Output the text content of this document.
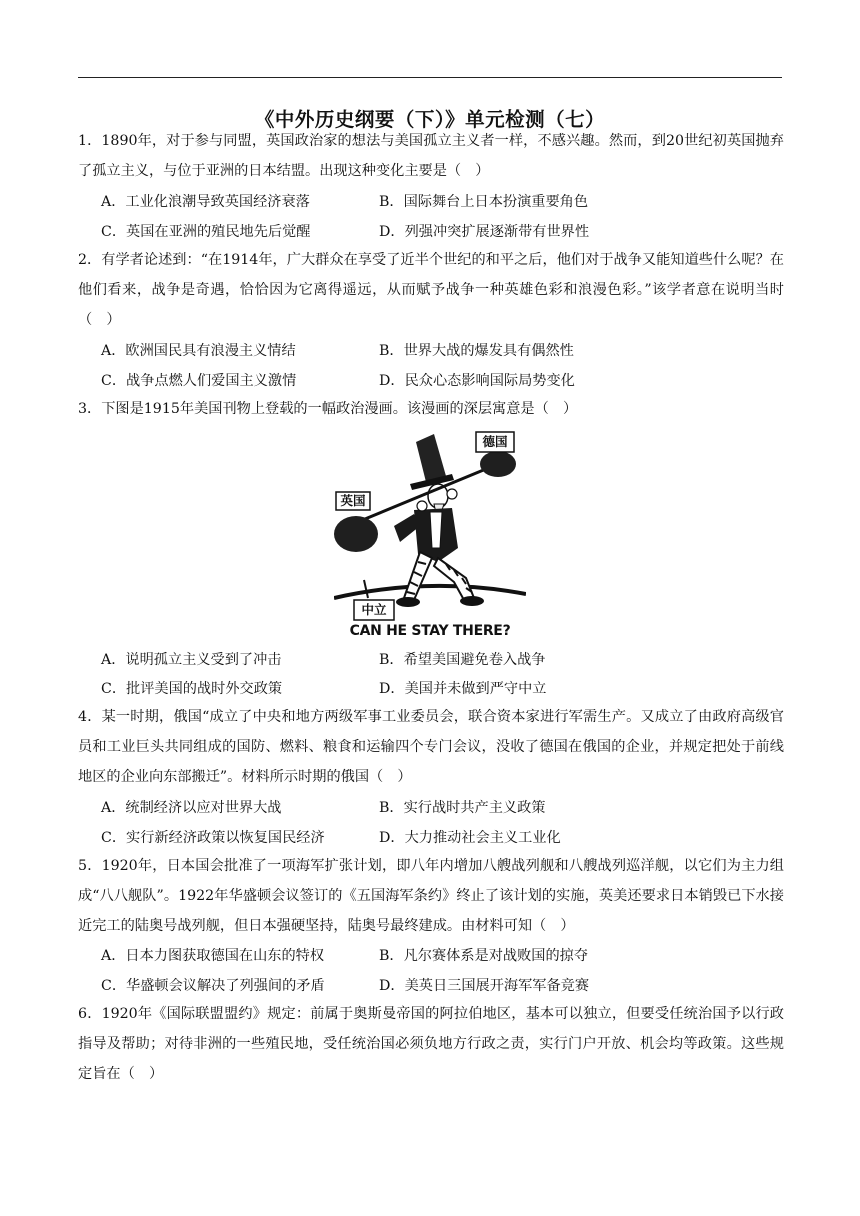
《中外历史纲要（下）》单元检测（七）
1．1890年，对于参与同盟，英国政治家的想法与美国孤立主义者一样，不感兴趣。然而，到20世纪初英国抛弃了孤立主义，与位于亚洲的日本结盟。出现这种变化主要是（　）
A．工业化浪潮导致英国经济衰落	B．国际舞台上日本扮演重要角色
C．英国在亚洲的殖民地先后觉醒	D．列强冲突扩展逐渐带有世界性
2．有学者论述到：“在1914年，广大群众在享受了近半个世纪的和平之后，他们对于战争又能知道些什么呢？在他们看来，战争是奇遇，恰恰因为它离得遥远，从而赋予战争一种英雄色彩和浪漫色彩。”该学者意在说明当时（　）
A．欧洲国民具有浪漫主义情结	B．世界大战的爆发具有偶然性
C．战争点燃人们爱国主义激情	D．民众心态影响国际局势变化
3．下图是1915年美国刊物上登载的一幅政治漫画。该漫画的深层寓意是（　）
英国
德国
中立
CAN HE STAY THERE?
A．说明孤立主义受到了冲击	B．希望美国避免卷入战争
C．批评美国的战时外交政策	D．美国并未做到严守中立
4．某一时期，俄国“成立了中央和地方两级军事工业委员会，联合资本家进行军需生产。又成立了由政府高级官员和工业巨头共同组成的国防、燃料、粮食和运输四个专门会议，没收了德国在俄国的企业，并规定把处于前线地区的企业向东部搬迁”。材料所示时期的俄国（　）
A．统制经济以应对世界大战	B．实行战时共产主义政策
C．实行新经济政策以恢复国民经济	D．大力推动社会主义工业化
5．1920年，日本国会批准了一项海军扩张计划，即八年内增加八艘战列舰和八艘战列巡洋舰，以它们为主力组成“八八舰队”。1922年华盛顿会议签订的《五国海军条约》终止了该计划的实施，英美还要求日本销毁已下水接近完工的陆奥号战列舰，但日本强硬坚持，陆奥号最终建成。由材料可知（　）
A．日本力图获取德国在山东的特权	B．凡尔赛体系是对战败国的掠夺
C．华盛顿会议解决了列强间的矛盾	D．美英日三国展开海军军备竞赛
6．1920年《国际联盟盟约》规定：前属于奥斯曼帝国的阿拉伯地区，基本可以独立，但要受任统治国予以行政指导及帮助；对待非洲的一些殖民地，受任统治国必须负地方行政之责，实行门户开放、机会均等政策。这些规定旨在（　）
